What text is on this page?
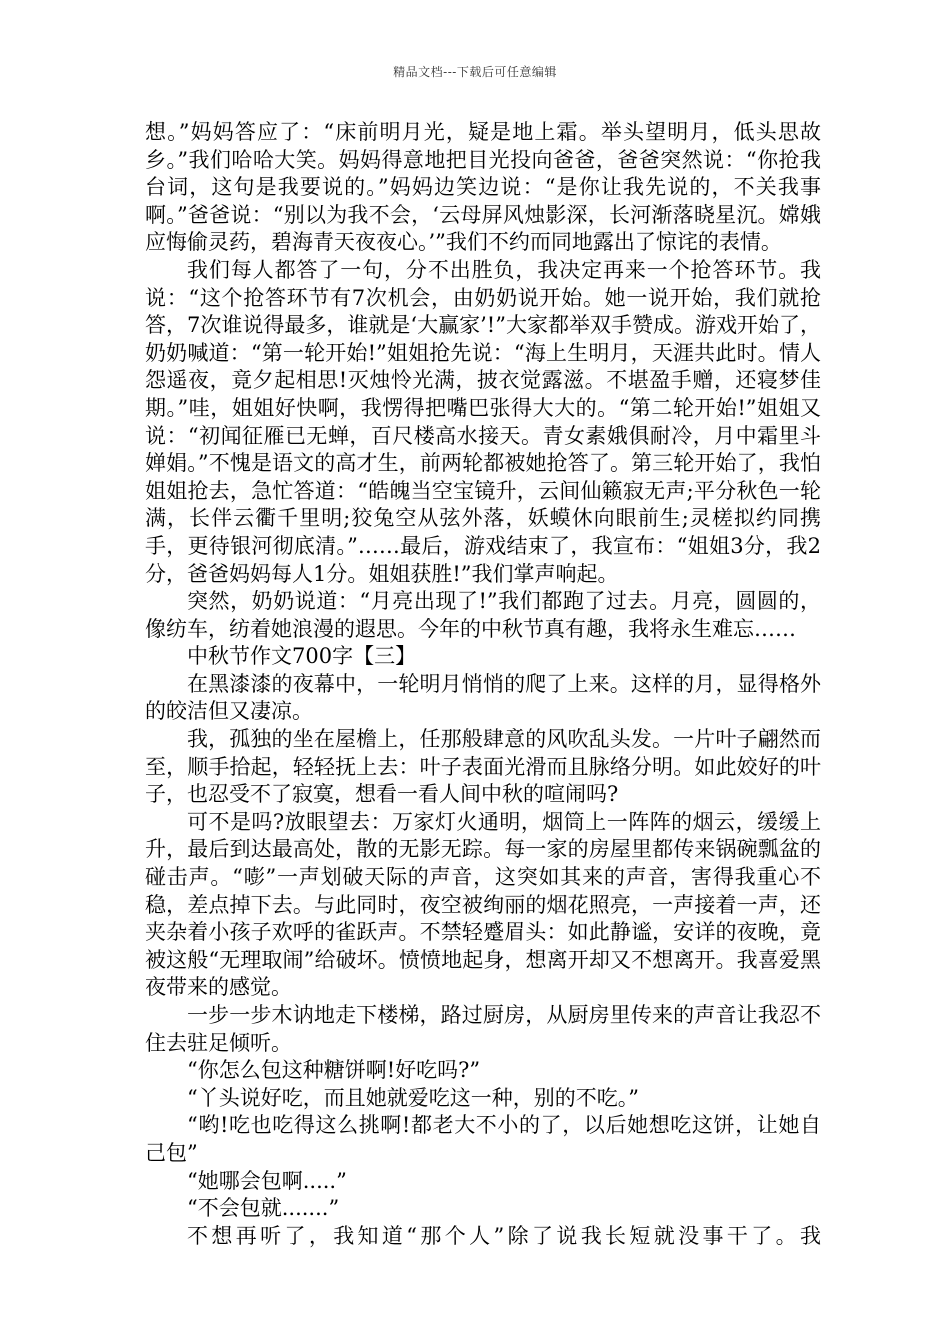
精品文档---下载后可任意编辑

想。”妈妈答应了：“床前明月光，疑是地上霜。举头望明月，低头思故乡。”我们哈哈大笑。妈妈得意地把目光投向爸爸，爸爸突然说：“你抢我台词，这句是我要说的。”妈妈边笑边说：“是你让我先说的，不关我事啊。”爸爸说：“别以为我不会，‘云母屏风烛影深，长河渐落晓星沉。嫦娥应悔偷灵药，碧海青天夜夜心。’”我们不约而同地露出了惊诧的表情。

我们每人都答了一句，分不出胜负，我决定再来一个抢答环节。我说：“这个抢答环节有7次机会，由奶奶说开始。她一说开始，我们就抢答，7次谁说得最多，谁就是‘大赢家’!”大家都举双手赞成。游戏开始了，奶奶喊道：“第一轮开始!”姐姐抢先说：“海上生明月，天涯共此时。情人怨遥夜，竟夕起相思!灭烛怜光满，披衣觉露滋。不堪盈手赠，还寝梦佳期。”哇，姐姐好快啊，我愣得把嘴巴张得大大的。“第二轮开始!”姐姐又说：“初闻征雁已无蝉，百尺楼高水接天。青女素娥俱耐冷，月中霜里斗婵娟。”不愧是语文的高才生，前两轮都被她抢答了。第三轮开始了，我怕姐姐抢去，急忙答道：“皓魄当空宝镜升，云间仙籁寂无声;平分秋色一轮满，长伴云衢千里明;狡兔空从弦外落，妖蟆休向眼前生;灵槎拟约同携手，更待银河彻底清。”……最后，游戏结束了，我宣布：“姐姐3分，我2分，爸爸妈妈每人1分。姐姐获胜!”我们掌声响起。

突然，奶奶说道：“月亮出现了!”我们都跑了过去。月亮，圆圆的，像纺车，纺着她浪漫的遐思。今年的中秋节真有趣，我将永生难忘……

中秋节作文700字【三】

在黑漆漆的夜幕中，一轮明月悄悄的爬了上来。这样的月，显得格外的皎洁但又凄凉。

我，孤独的坐在屋檐上，任那般肆意的风吹乱头发。一片叶子翩然而至，顺手拾起，轻轻抚上去：叶子表面光滑而且脉络分明。如此姣好的叶子，也忍受不了寂寞，想看一看人间中秋的喧闹吗?

可不是吗?放眼望去：万家灯火通明，烟筒上一阵阵的烟云，缓缓上升，最后到达最高处，散的无影无踪。每一家的房屋里都传来锅碗瓢盆的碰击声。“嘭”一声划破天际的声音，这突如其来的声音，害得我重心不稳，差点掉下去。与此同时，夜空被绚丽的烟花照亮，一声接着一声，还夹杂着小孩子欢呼的雀跃声。不禁轻蹙眉头：如此静谧，安详的夜晚，竟被这般“无理取闹”给破坏。愤愤地起身，想离开却又不想离开。我喜爱黑夜带来的感觉。

一步一步木讷地走下楼梯，路过厨房，从厨房里传来的声音让我忍不住去驻足倾听。

“你怎么包这种糖饼啊!好吃吗?”

“丫头说好吃，而且她就爱吃这一种，别的不吃。”

“哟!吃也吃得这么挑啊!都老大不小的了，以后她想吃这饼，让她自己包”

“她哪会包啊.....”

“不会包就.......”

不想再听了，我知道“那个人”除了说我长短就没事干了。我
